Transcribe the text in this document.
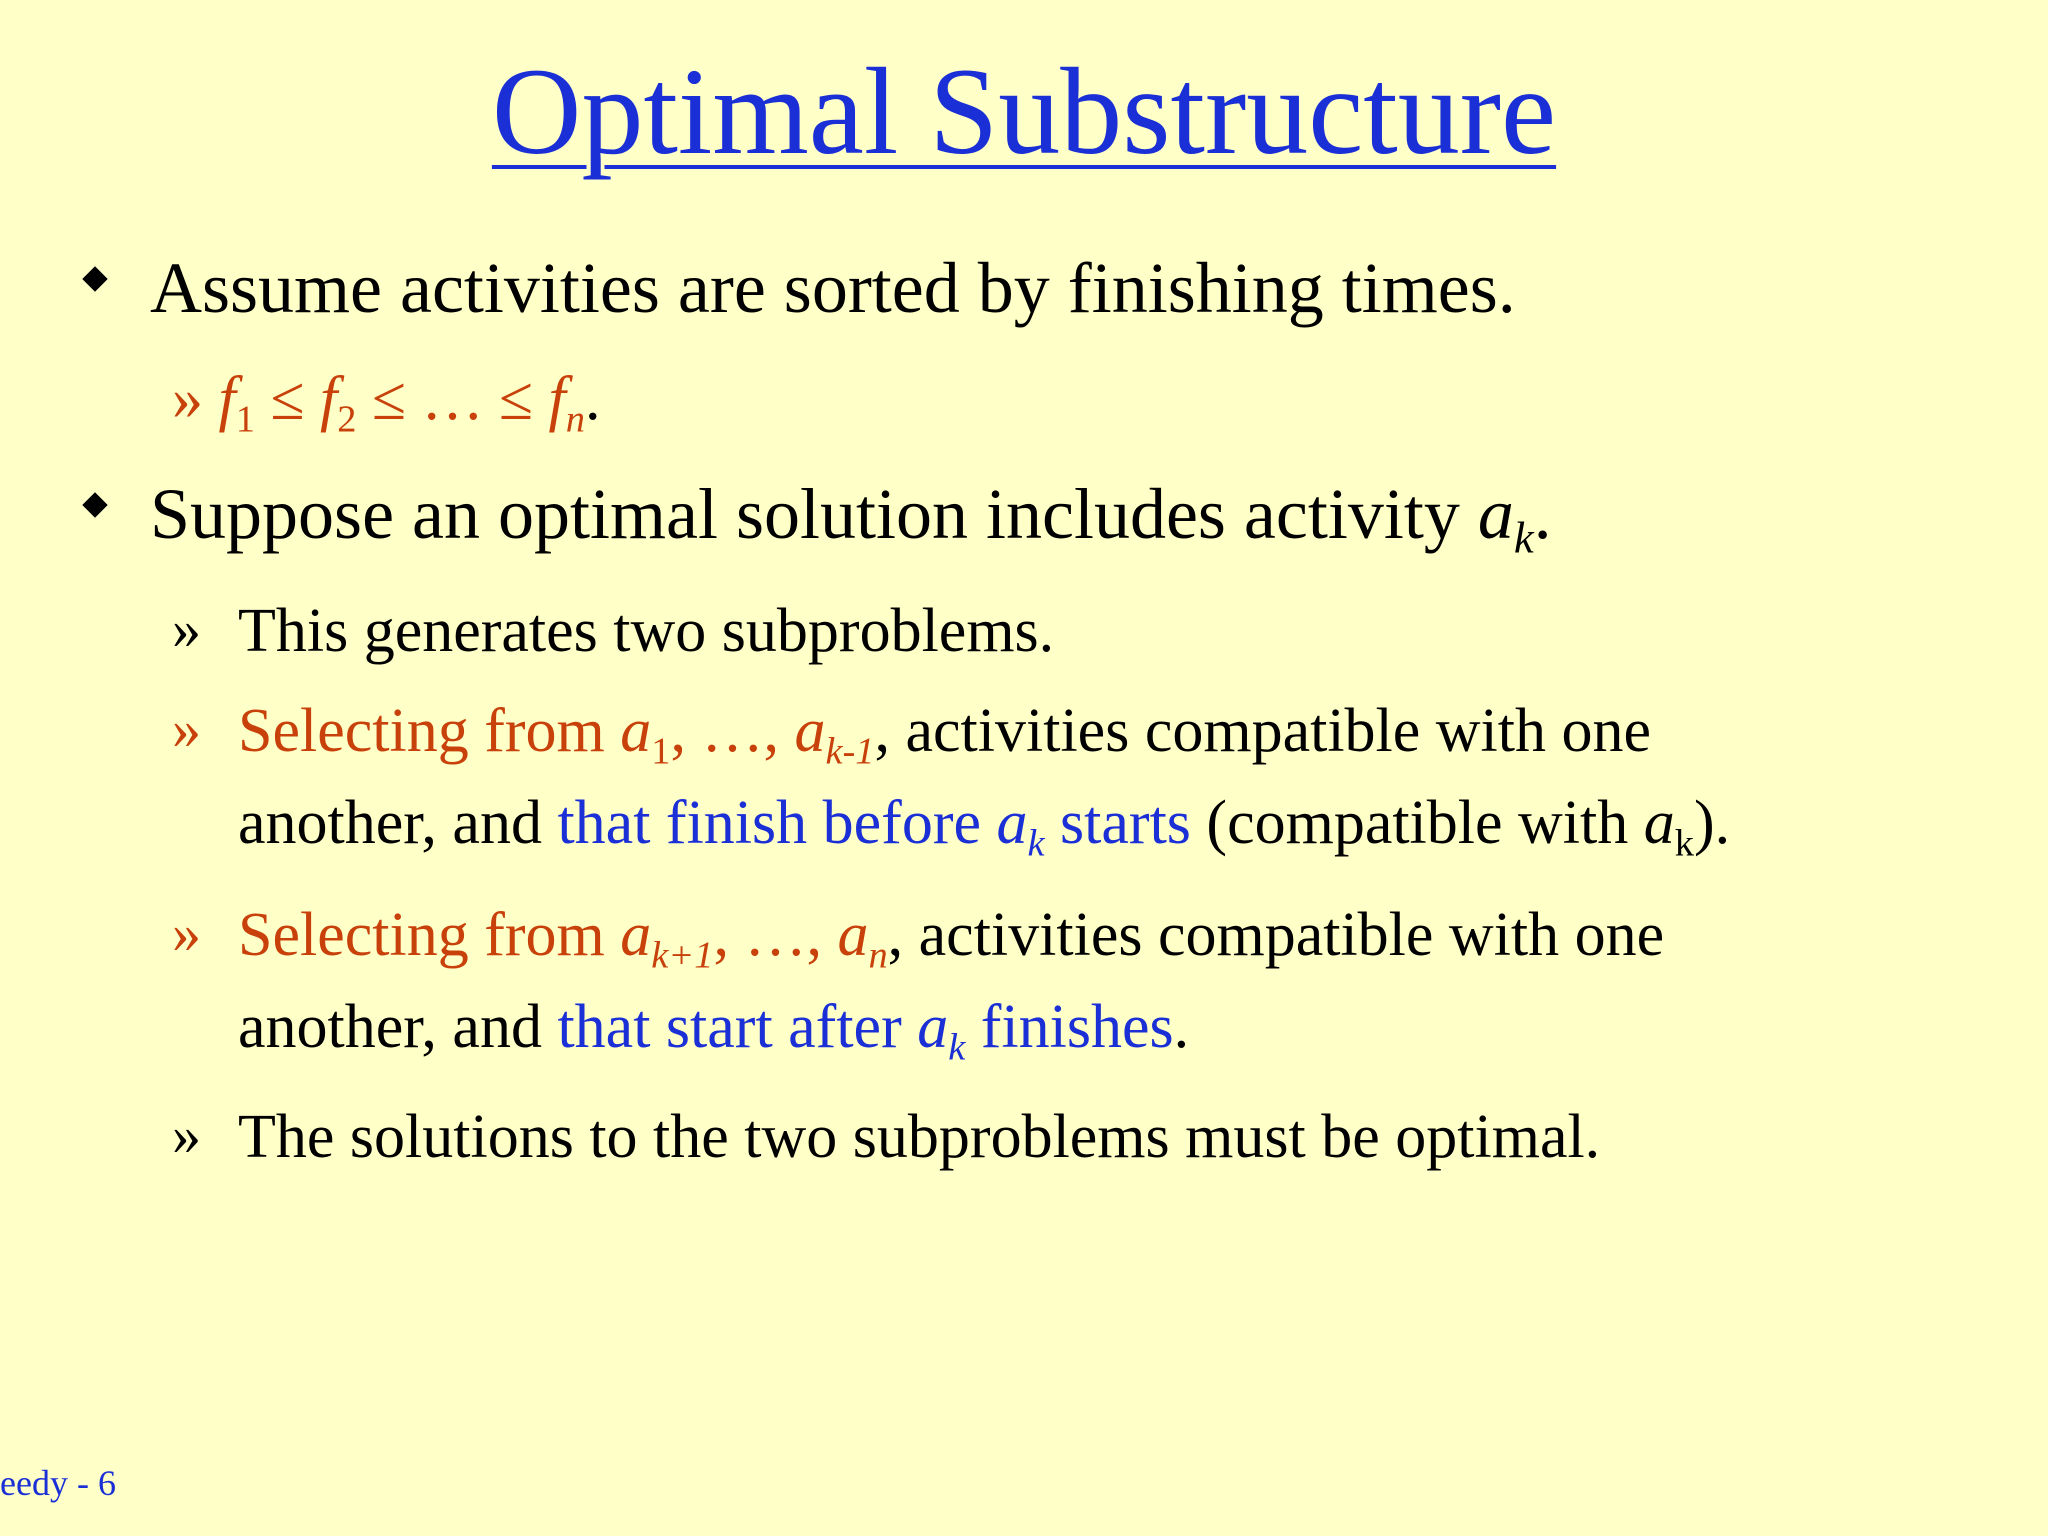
Optimal Substructure
Assume activities are sorted by finishing times.
» $f_1 \le f_2$ ≤ … ≤ $f_n$.
Suppose an optimal solution includes activity $a_k$.
» This generates two subproblems.
» Selecting from $a_1$, …, $a_{k-1}$, activities compatible with one
another, and that finish before $a_k$ starts (compatible with $a_k$).
» Selecting from $a_{k+1}$, …, $a_n$, activities compatible with one
another, and that start after $a_k$ finishes.
» The solutions to the two subproblems must be optimal.
eedy - 6
